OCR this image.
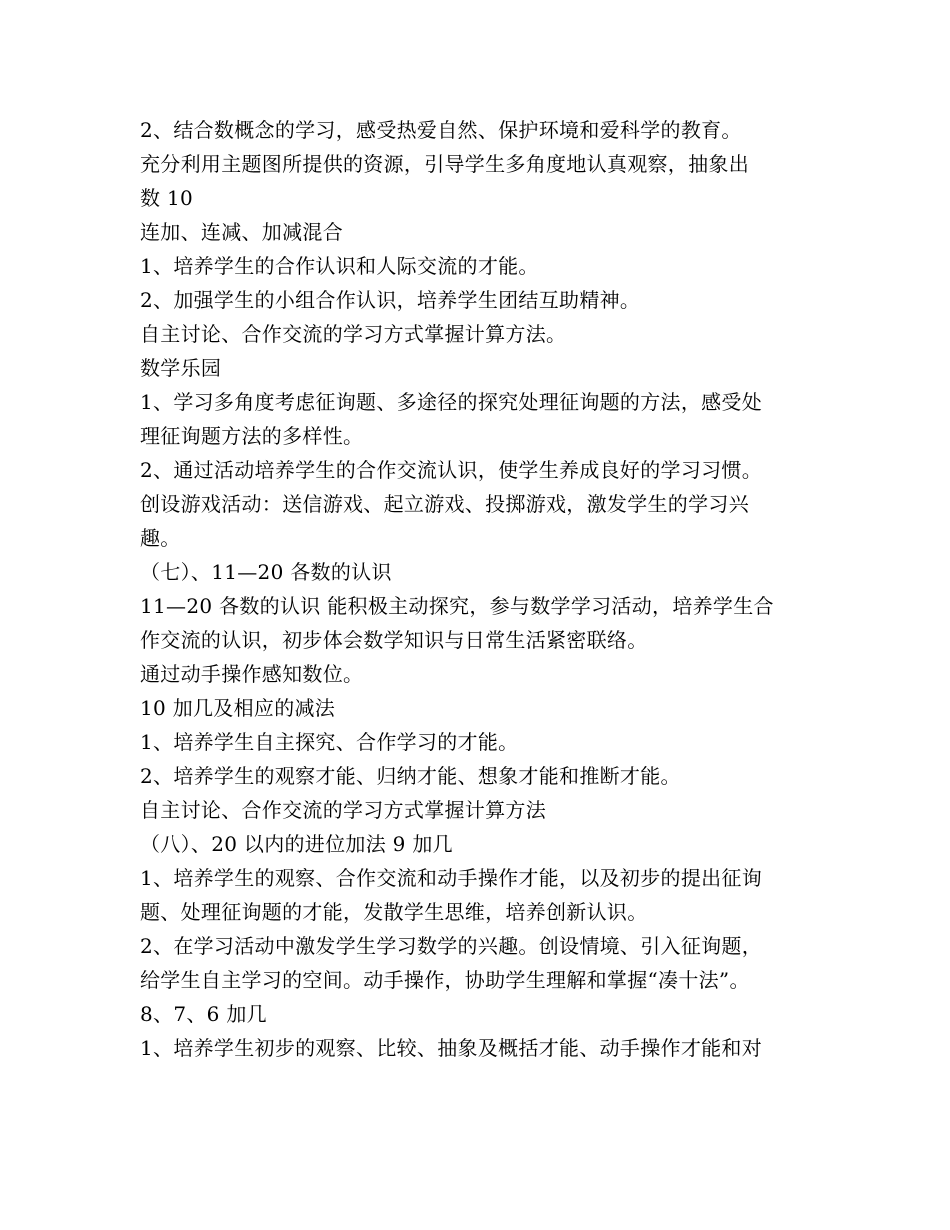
2、结合数概念的学习，感受热爱自然、保护环境和爱科学的教育。
充分利用主题图所提供的资源，引导学生多角度地认真观察，抽象出
数 10
连加、连减、加减混合
1、培养学生的合作认识和人际交流的才能。
2、加强学生的小组合作认识，培养学生团结互助精神。
自主讨论、合作交流的学习方式掌握计算方法。
数学乐园
1、学习多角度考虑征询题、多途径的探究处理征询题的方法，感受处
理征询题方法的多样性。
2、通过活动培养学生的合作交流认识，使学生养成良好的学习习惯。
创设游戏活动：送信游戏、起立游戏、投掷游戏，激发学生的学习兴
趣。
（七）、11—20 各数的认识
11—20 各数的认识 能积极主动探究，参与数学学习活动，培养学生合
作交流的认识，初步体会数学知识与日常生活紧密联络。
通过动手操作感知数位。
10 加几及相应的减法
1、培养学生自主探究、合作学习的才能。
2、培养学生的观察才能、归纳才能、想象才能和推断才能。
自主讨论、合作交流的学习方式掌握计算方法
（八）、20 以内的进位加法 9 加几
1、培养学生的观察、合作交流和动手操作才能，以及初步的提出征询
题、处理征询题的才能，发散学生思维，培养创新认识。
2、在学习活动中激发学生学习数学的兴趣。创设情境、引入征询题，
给学生自主学习的空间。动手操作，协助学生理解和掌握“凑十法”。
8、7、6 加几
1、培养学生初步的观察、比较、抽象及概括才能、动手操作才能和对
